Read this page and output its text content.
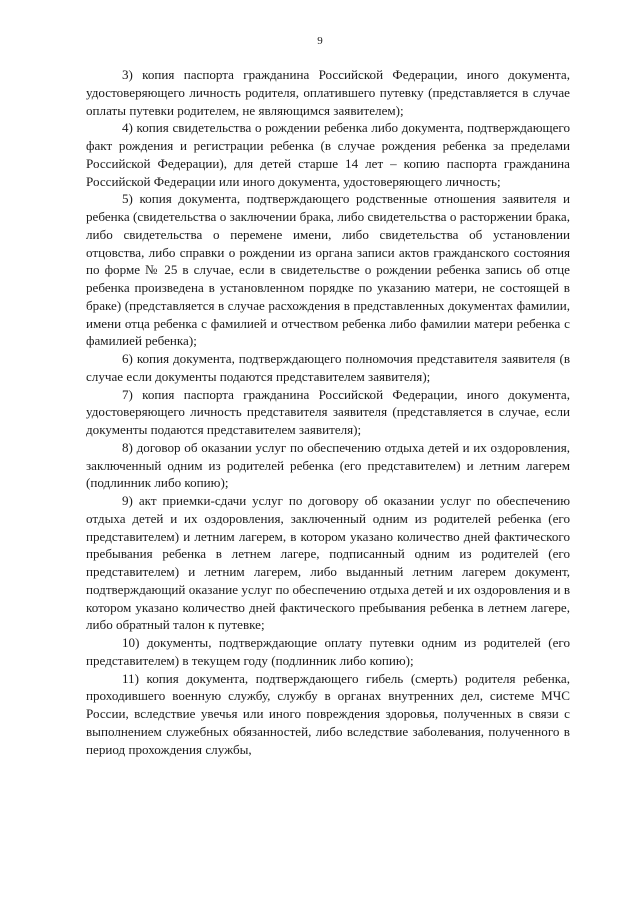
9

3) копия паспорта гражданина Российской Федерации, иного документа, удостоверяющего личность родителя, оплатившего путевку (представляется в случае оплаты путевки родителем, не являющимся заявителем);

4) копия свидетельства о рождении ребенка либо документа, подтверждающего факт рождения и регистрации ребенка (в случае рождения ребенка за пределами Российской Федерации), для детей старше 14 лет – копию паспорта гражданина Российской Федерации или иного документа, удостоверяющего личность;

5) копия документа, подтверждающего родственные отношения заявителя и ребенка (свидетельства о заключении брака, либо свидетельства о расторжении брака, либо свидетельства о перемене имени, либо свидетельства об установлении отцовства, либо справки о рождении из органа записи актов гражданского состояния по форме № 25 в случае, если в свидетельстве о рождении ребенка запись об отце ребенка произведена в установленном порядке по указанию матери, не состоящей в браке) (представляется в случае расхождения в представленных документах фамилии, имени отца ребенка с фамилией и отчеством ребенка либо фамилии матери ребенка с фамилией ребенка);

6) копия документа, подтверждающего полномочия представителя заявителя (в случае если документы подаются представителем заявителя);

7) копия паспорта гражданина Российской Федерации, иного документа, удостоверяющего личность представителя заявителя (представляется в случае, если документы подаются представителем заявителя);

8) договор об оказании услуг по обеспечению отдыха детей и их оздоровления, заключенный одним из родителей ребенка (его представителем) и летним лагерем (подлинник либо копию);

9) акт приемки-сдачи услуг по договору об оказании услуг по обеспечению отдыха детей и их оздоровления, заключенный одним из родителей ребенка (его представителем) и летним лагерем, в котором указано количество дней фактического пребывания ребенка в летнем лагере, подписанный одним из родителей (его представителем) и летним лагерем, либо выданный летним лагерем документ, подтверждающий оказание услуг по обеспечению отдыха детей и их оздоровления и в котором указано количество дней фактического пребывания ребенка в летнем лагере, либо обратный талон к путевке;

10) документы, подтверждающие оплату путевки одним из родителей (его представителем) в текущем году (подлинник либо копию);

11) копия документа, подтверждающего гибель (смерть) родителя ребенка, проходившего военную службу, службу в органах внутренних дел, системе МЧС России, вследствие увечья или иного повреждения здоровья, полученных в связи с выполнением служебных обязанностей, либо вследствие заболевания, полученного в период прохождения службы,
